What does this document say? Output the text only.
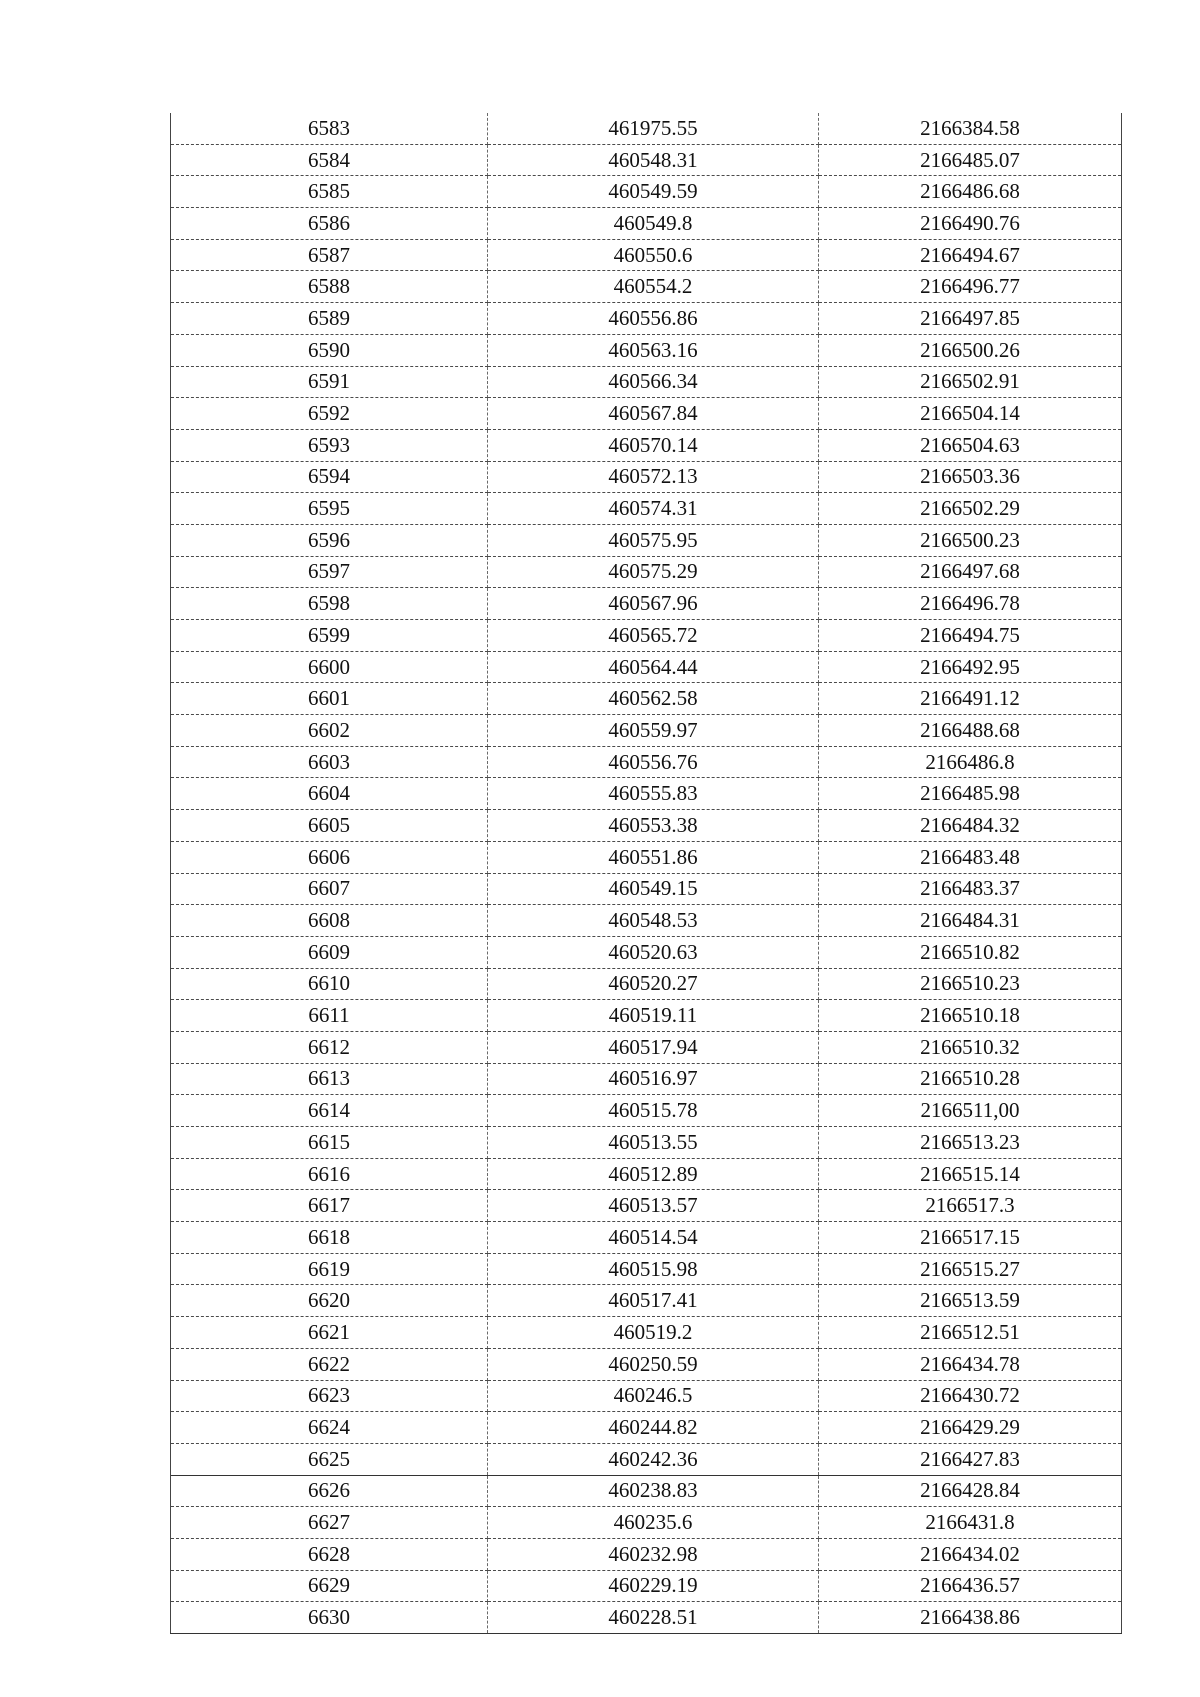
6583	461975.55	2166384.58
6584	460548.31	2166485.07
6585	460549.59	2166486.68
6586	460549.8	2166490.76
6587	460550.6	2166494.67
6588	460554.2	2166496.77
6589	460556.86	2166497.85
6590	460563.16	2166500.26
6591	460566.34	2166502.91
6592	460567.84	2166504.14
6593	460570.14	2166504.63
6594	460572.13	2166503.36
6595	460574.31	2166502.29
6596	460575.95	2166500.23
6597	460575.29	2166497.68
6598	460567.96	2166496.78
6599	460565.72	2166494.75
6600	460564.44	2166492.95
6601	460562.58	2166491.12
6602	460559.97	2166488.68
6603	460556.76	2166486.8
6604	460555.83	2166485.98
6605	460553.38	2166484.32
6606	460551.86	2166483.48
6607	460549.15	2166483.37
6608	460548.53	2166484.31
6609	460520.63	2166510.82
6610	460520.27	2166510.23
6611	460519.11	2166510.18
6612	460517.94	2166510.32
6613	460516.97	2166510.28
6614	460515.78	2166511,00
6615	460513.55	2166513.23
6616	460512.89	2166515.14
6617	460513.57	2166517.3
6618	460514.54	2166517.15
6619	460515.98	2166515.27
6620	460517.41	2166513.59
6621	460519.2	2166512.51
6622	460250.59	2166434.78
6623	460246.5	2166430.72
6624	460244.82	2166429.29
6625	460242.36	2166427.83
6626	460238.83	2166428.84
6627	460235.6	2166431.8
6628	460232.98	2166434.02
6629	460229.19	2166436.57
6630	460228.51	2166438.86
